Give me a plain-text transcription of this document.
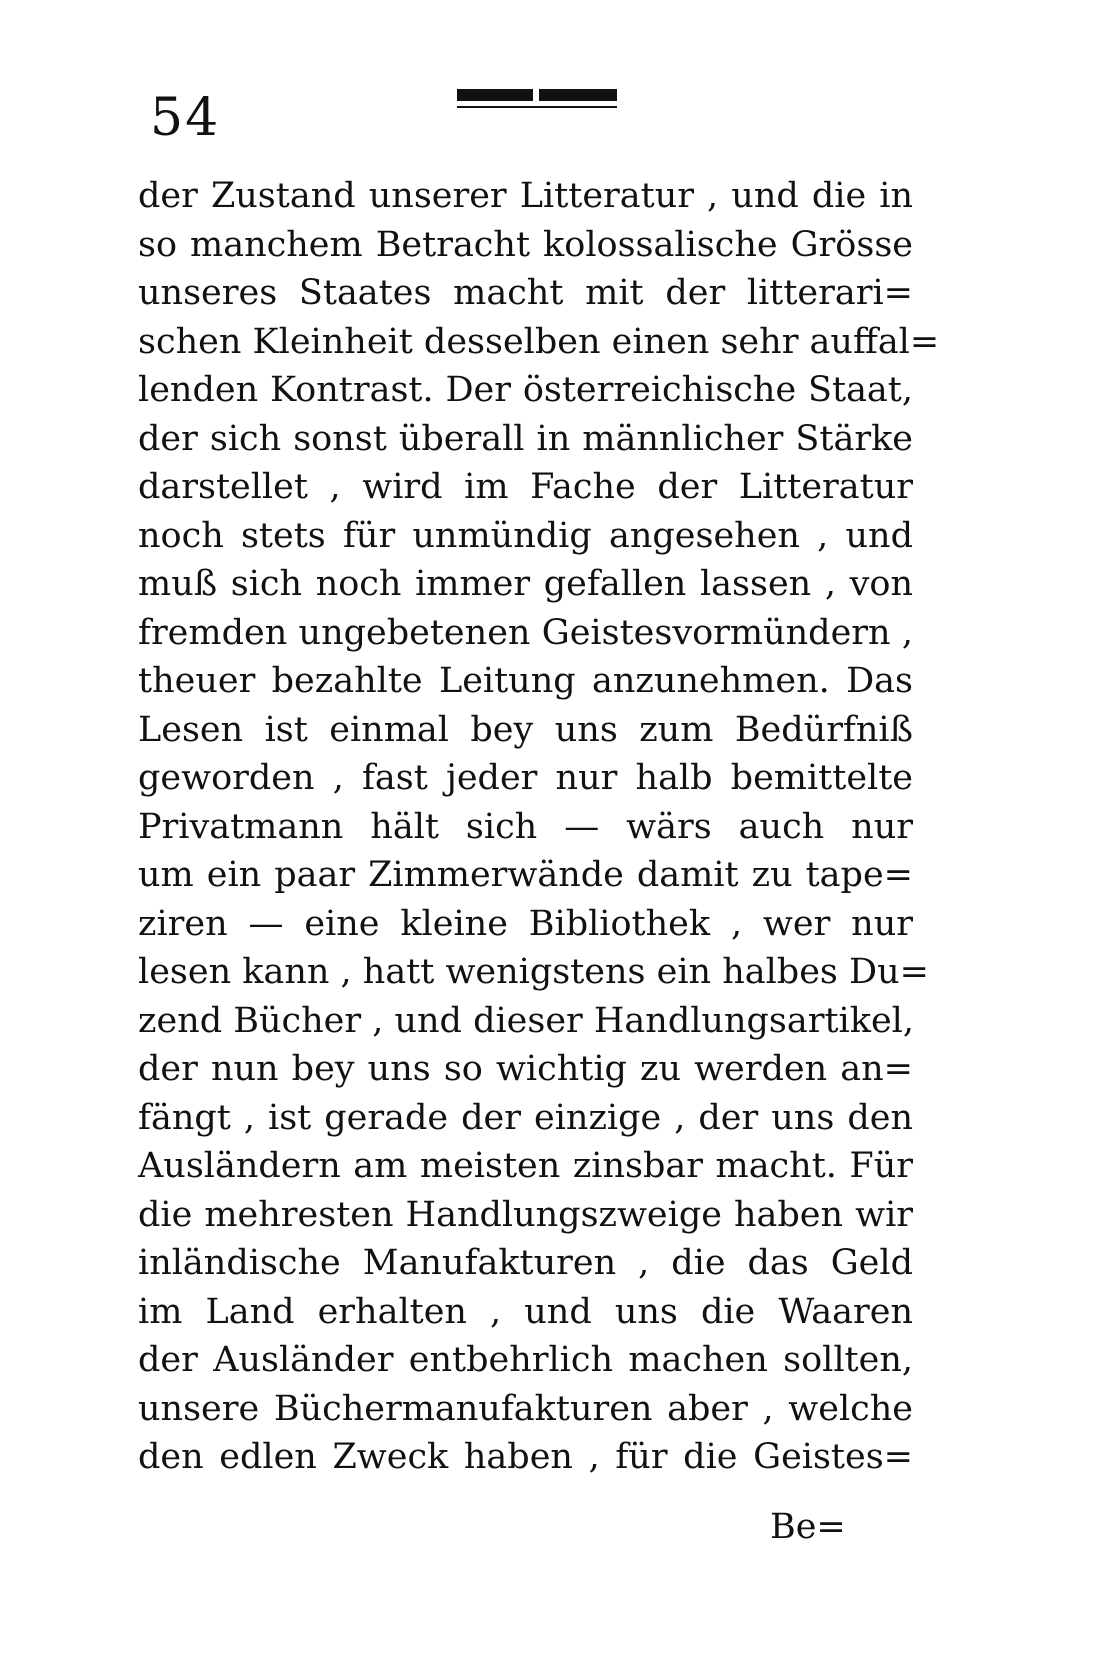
54
der Zustand unserer Litteratur , und die in
so manchem Betracht kolossalische Grösse
unseres Staates macht mit der litterari=
schen Kleinheit desselben einen sehr auffal=
lenden Kontrast. Der österreichische Staat,
der sich sonst überall in männlicher Stärke
darstellet , wird im Fache der Litteratur
noch stets für unmündig angesehen , und
muß sich noch immer gefallen lassen , von
fremden ungebetenen Geistesvormündern ,
theuer bezahlte Leitung anzunehmen. Das
Lesen ist einmal bey uns zum Bedürfniß
geworden , fast jeder nur halb bemittelte
Privatmann hält sich — wärs auch nur
um ein paar Zimmerwände damit zu tape=
ziren — eine kleine Bibliothek , wer nur
lesen kann , hatt wenigstens ein halbes Du=
zend Bücher , und dieser Handlungsartikel,
der nun bey uns so wichtig zu werden an=
fängt , ist gerade der einzige , der uns den
Ausländern am meisten zinsbar macht. Für
die mehresten Handlungszweige haben wir
inländische Manufakturen , die das Geld
im Land erhalten , und uns die Waaren
der Ausländer entbehrlich machen sollten,
unsere Büchermanufakturen aber , welche
den edlen Zweck haben , für die Geistes=
Be=
